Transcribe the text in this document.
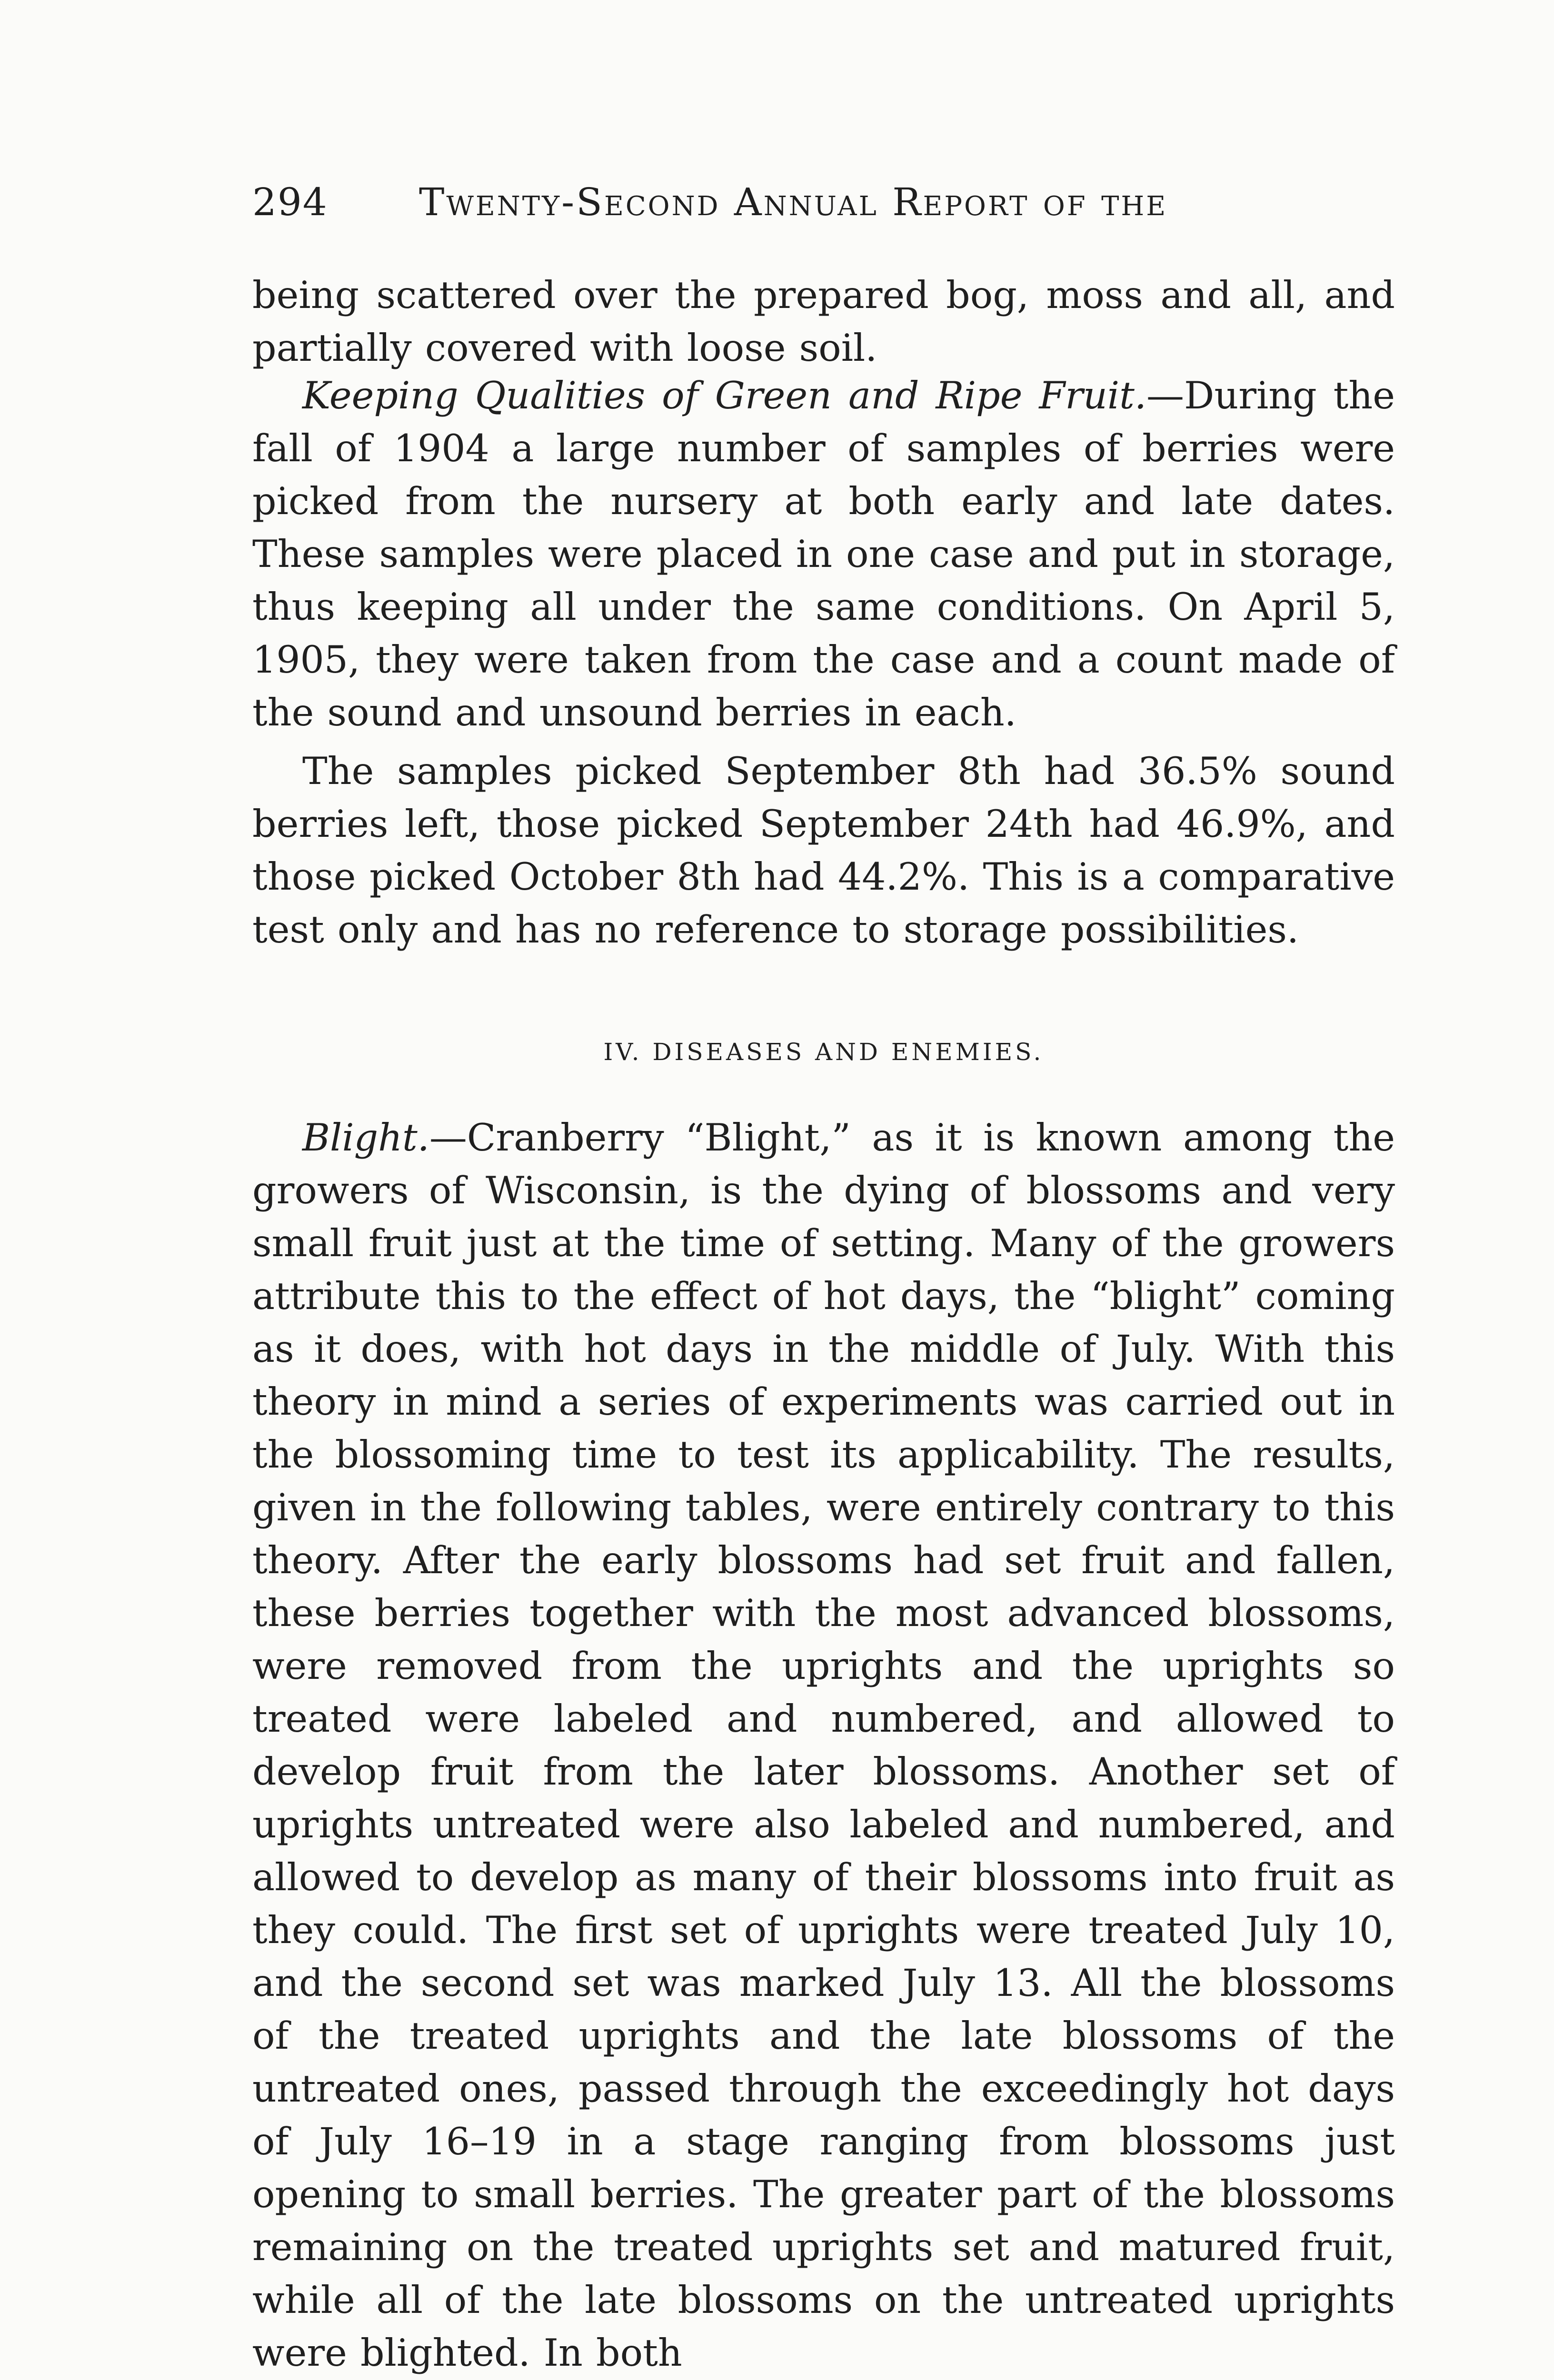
294 Twenty-Second Annual Report of the

being scattered over the prepared bog, moss and all, and partially covered with loose soil.

Keeping Qualities of Green and Ripe Fruit.—During the fall of 1904 a large number of samples of berries were picked from the nursery at both early and late dates. These samples were placed in one case and put in storage, thus keeping all under the same conditions. On April 5, 1905, they were taken from the case and a count made of the sound and unsound berries in each.

The samples picked September 8th had 36.5% sound berries left, those picked September 24th had 46.9%, and those picked October 8th had 44.2%. This is a comparative test only and has no reference to storage possibilities.

IV. DISEASES AND ENEMIES.

Blight.—Cranberry “Blight,” as it is known among the growers of Wisconsin, is the dying of blossoms and very small fruit just at the time of setting. Many of the growers attribute this to the effect of hot days, the “blight” coming as it does, with hot days in the middle of July. With this theory in mind a series of experiments was carried out in the blossoming time to test its applicability. The results, given in the following tables, were entirely contrary to this theory. After the early blossoms had set fruit and fallen, these berries together with the most advanced blossoms, were removed from the uprights and the uprights so treated were labeled and numbered, and allowed to develop fruit from the later blossoms. Another set of uprights untreated were also labeled and numbered, and allowed to develop as many of their blossoms into fruit as they could. The first set of uprights were treated July 10, and the second set was marked July 13. All the blossoms of the treated uprights and the late blossoms of the untreated ones, passed through the exceedingly hot days of July 16–19 in a stage ranging from blossoms just opening to small berries. The greater part of the blossoms remaining on the treated uprights set and matured fruit, while all of the late blossoms on the untreated uprights were blighted. In both
